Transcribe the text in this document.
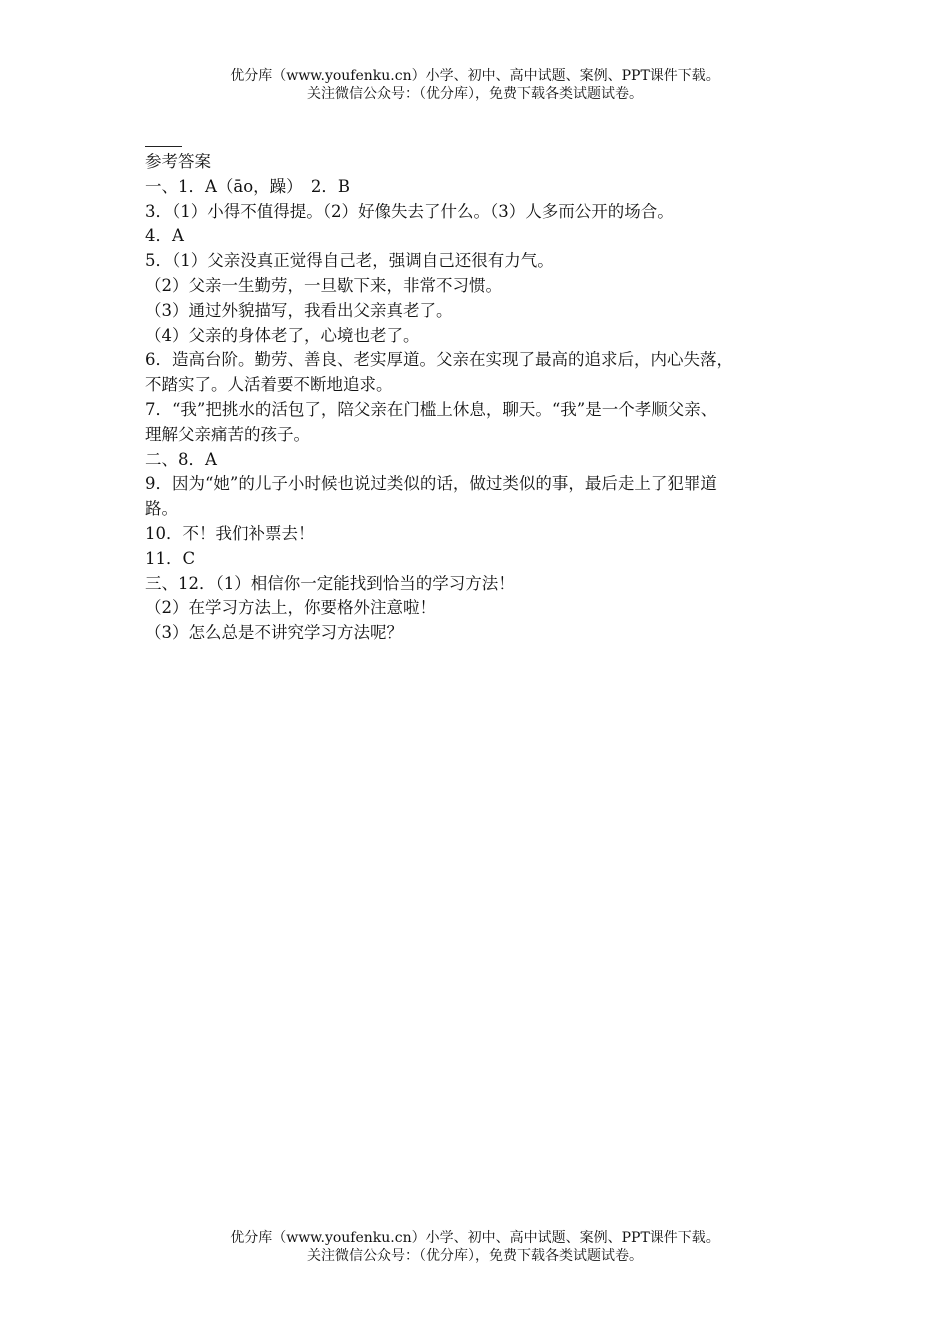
优分库（www.youfenku.cn）小学、初中、高中试题、案例、PPT课件下载。
关注微信公众号：（优分库），免费下载各类试题试卷。
参考答案
一、1．A（āo，躁）　2．B
3．（1）小得不值得提。（2）好像失去了什么。（3）人多而公开的场合。
4．A
5．（1）父亲没真正觉得自己老，强调自己还很有力气。
（2）父亲一生勤劳，一旦歇下来，非常不习惯。
（3）通过外貌描写，我看出父亲真老了。
（4）父亲的身体老了，心境也老了。
6．造高台阶。勤劳、善良、老实厚道。父亲在实现了最高的追求后，内心失落，
不踏实了。人活着要不断地追求。
7．“我”把挑水的活包了，陪父亲在门槛上休息，聊天。“我”是一个孝顺父亲、
理解父亲痛苦的孩子。
二、8．A
9．因为“她”的儿子小时候也说过类似的话，做过类似的事，最后走上了犯罪道
路。
10．不！我们补票去！
11．C
三、12．（1）相信你一定能找到恰当的学习方法！
（2）在学习方法上，你要格外注意啦！
（3）怎么总是不讲究学习方法呢？
优分库（www.youfenku.cn）小学、初中、高中试题、案例、PPT课件下载。
关注微信公众号：（优分库），免费下载各类试题试卷。
